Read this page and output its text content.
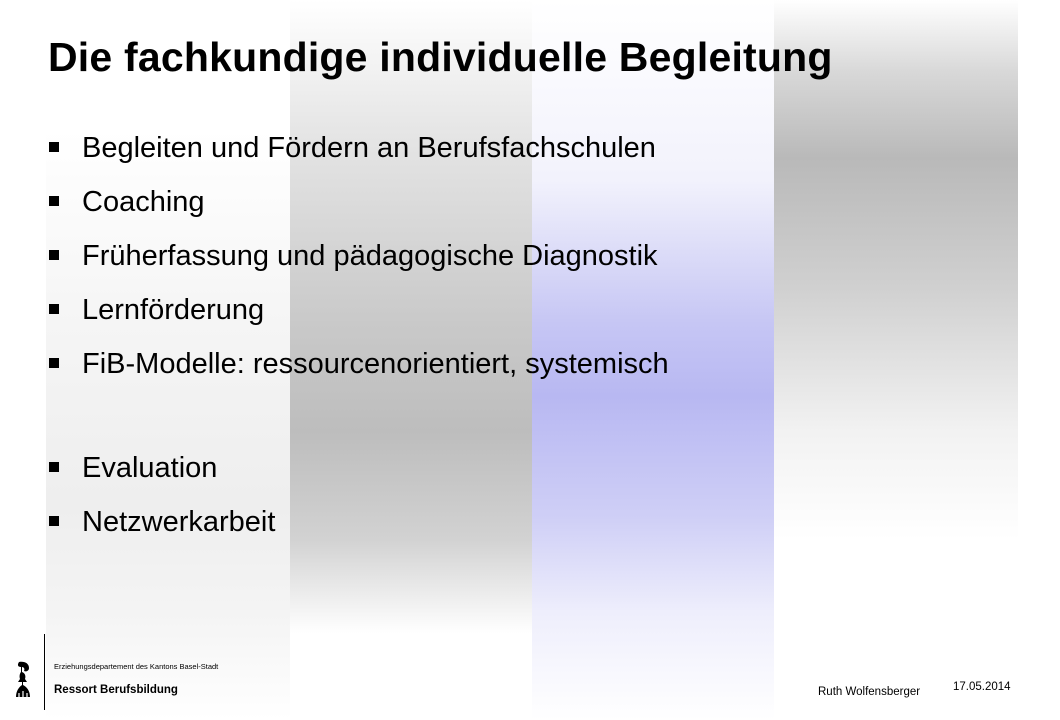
Die fachkundige individuelle Begleitung
Begleiten und Fördern an Berufsfachschulen
Coaching
Früherfassung und pädagogische Diagnostik
Lernförderung
FiB-Modelle: ressourcenorientiert, systemisch
Evaluation
Netzwerkarbeit
Erziehungsdepartement des Kantons Basel-Stadt
Ressort Berufsbildung	Ruth Wolfensberger	17.05.2014
